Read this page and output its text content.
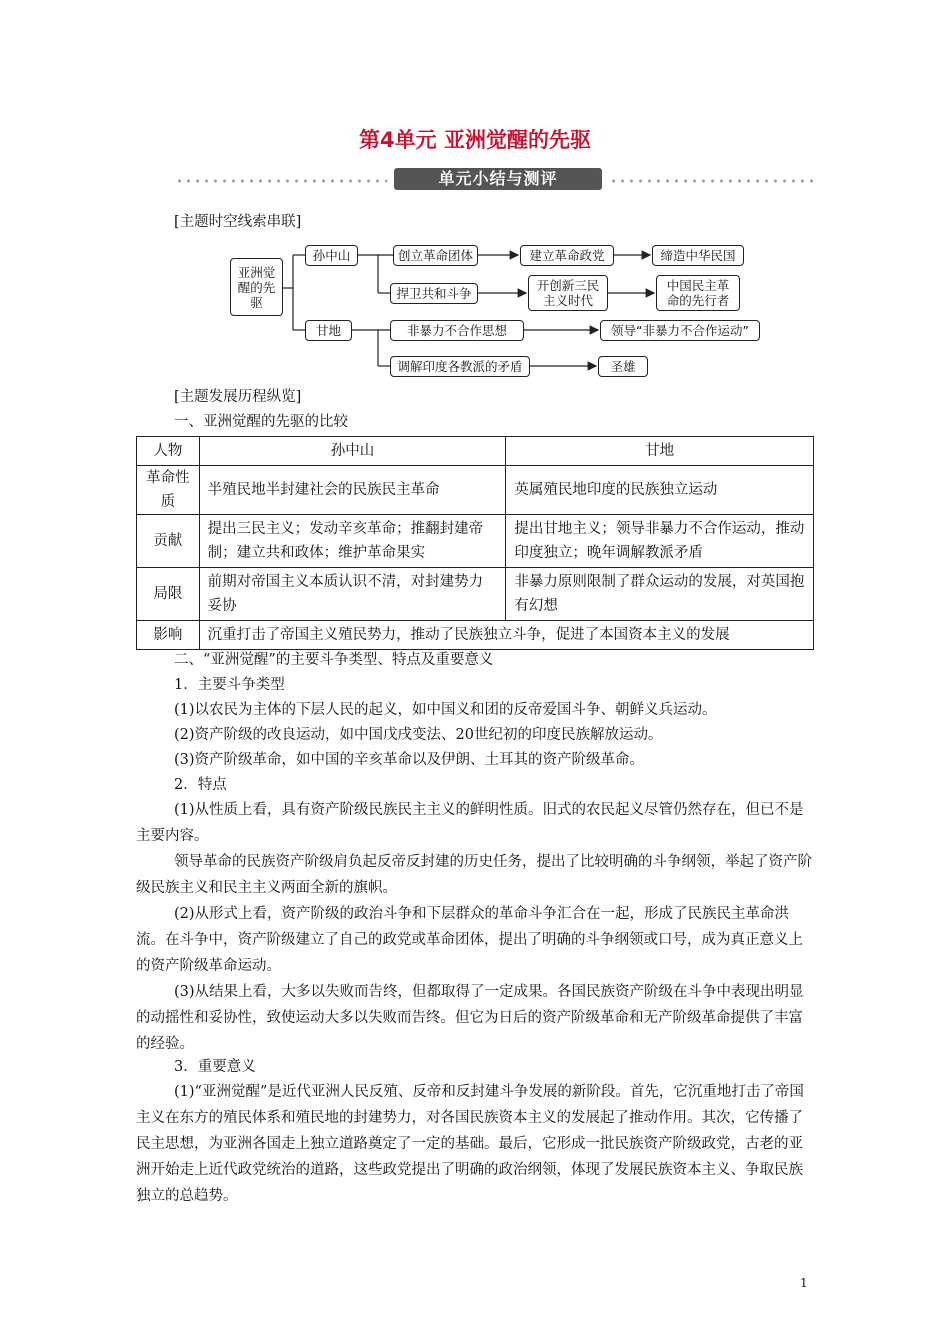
第4单元 亚洲觉醒的先驱
单元小结与测评
[主题时空线索串联]
亚洲觉醒的先驱
孙中山
甘地
创立革命团体	建立革命政党	缔造中华民国
捍卫共和斗争
开创新三民主义时代
中国民主革命的先行者
非暴力不合作思想	领导“非暴力不合作运动”
调解印度各教派的矛盾	圣雄
[主题发展历程纵览]
一、亚洲觉醒的先驱的比较
人物	孙中山	甘地
革命性质	半殖民地半封建社会的民族民主革命	英属殖民地印度的民族独立运动
贡献	提出三民主义；发动辛亥革命；推翻封建帝制；建立共和政体；维护革命果实	提出甘地主义；领导非暴力不合作运动，推动印度独立；晚年调解教派矛盾
局限	前期对帝国主义本质认识不清，对封建势力妥协	非暴力原则限制了群众运动的发展，对英国抱有幻想
影响	沉重打击了帝国主义殖民势力，推动了民族独立斗争，促进了本国资本主义的发展	
二、“亚洲觉醒”的主要斗争类型、特点及重要意义
1．主要斗争类型
(1)以农民为主体的下层人民的起义，如中国义和团的反帝爱国斗争、朝鲜义兵运动。
(2)资产阶级的改良运动，如中国戊戌变法、20世纪初的印度民族解放运动。
(3)资产阶级革命，如中国的辛亥革命以及伊朗、土耳其的资产阶级革命。
2．特点
(1)从性质上看，具有资产阶级民族民主主义的鲜明性质。旧式的农民起义尽管仍然存在，但已不是主要内容。
领导革命的民族资产阶级肩负起反帝反封建的历史任务，提出了比较明确的斗争纲领，举起了资产阶级民族主义和民主主义两面全新的旗帜。
(2)从形式上看，资产阶级的政治斗争和下层群众的革命斗争汇合在一起，形成了民族民主革命洪流。在斗争中，资产阶级建立了自己的政党或革命团体，提出了明确的斗争纲领或口号，成为真正意义上的资产阶级革命运动。
(3)从结果上看，大多以失败而告终，但都取得了一定成果。各国民族资产阶级在斗争中表现出明显的动摇性和妥协性，致使运动大多以失败而告终。但它为日后的资产阶级革命和无产阶级革命提供了丰富的经验。
3．重要意义
(1)“亚洲觉醒”是近代亚洲人民反殖、反帝和反封建斗争发展的新阶段。首先，它沉重地打击了帝国主义在东方的殖民体系和殖民地的封建势力，对各国民族资本主义的发展起了推动作用。其次，它传播了民主思想，为亚洲各国走上独立道路奠定了一定的基础。最后，它形成一批民族资产阶级政党，古老的亚洲开始走上近代政党统治的道路，这些政党提出了明确的政治纲领，体现了发展民族资本主义、争取民族独立的总趋势。
1
